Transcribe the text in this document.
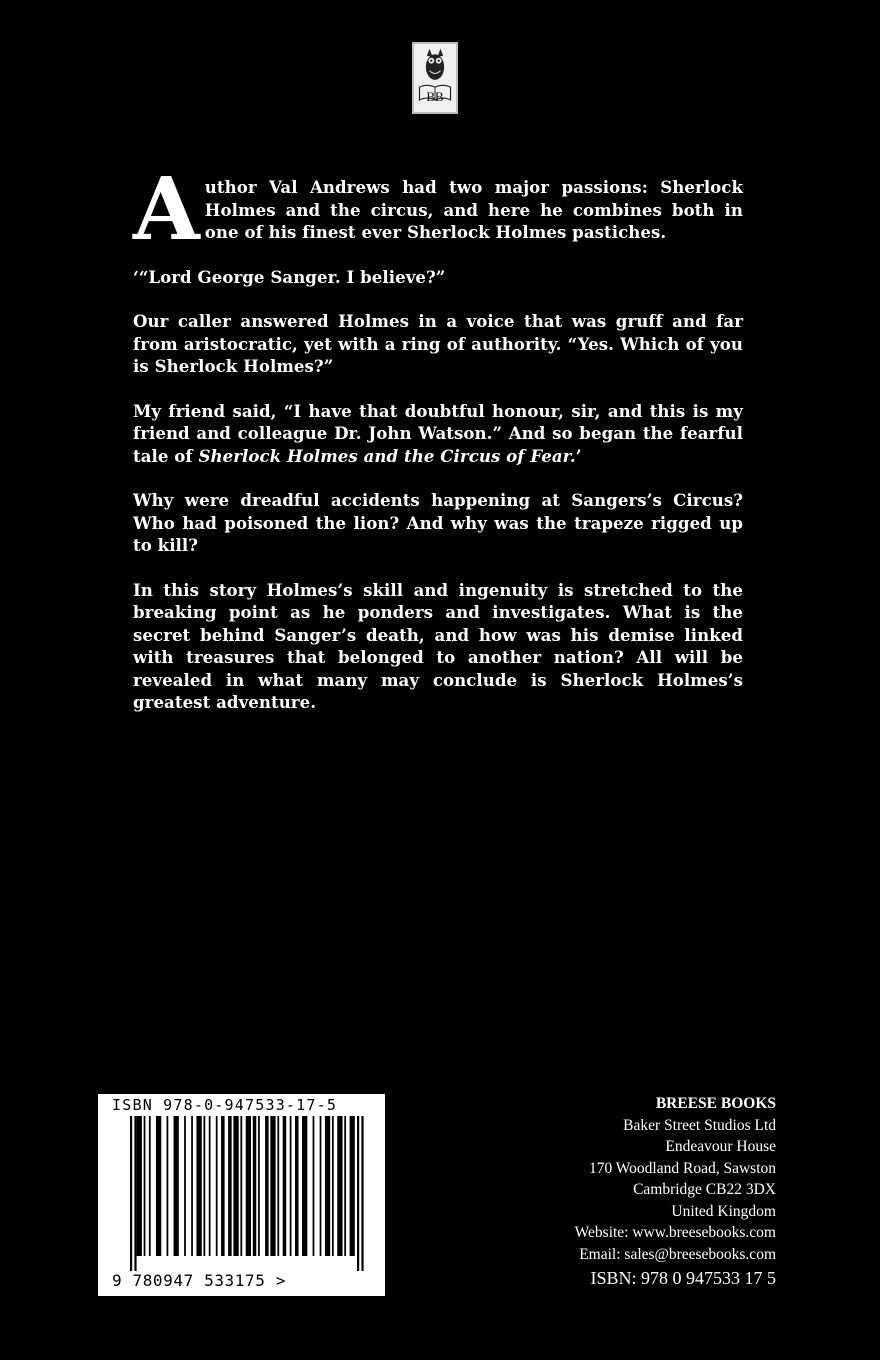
BB

Author Val Andrews had two major passions: Sherlock Holmes and the circus, and here he combines both in one of his finest ever Sherlock Holmes pastiches.

‘“Lord George Sanger. I believe?”

Our caller answered Holmes in a voice that was gruff and far from aristocratic, yet with a ring of authority. “Yes. Which of you is Sherlock Holmes?”

My friend said, “I have that doubtful honour, sir, and this is my friend and colleague Dr. John Watson.” And so began the fearful tale of Sherlock Holmes and the Circus of Fear.’

Why were dreadful accidents happening at Sangers’s Circus? Who had poisoned the lion? And why was the trapeze rigged up to kill?

In this story Holmes’s skill and ingenuity is stretched to the breaking point as he ponders and investigates. What is the secret behind Sanger’s death, and how was his demise linked with treasures that belonged to another nation? All will be revealed in what many may conclude is Sherlock Holmes’s greatest adventure.

ISBN 978-0-947533-17-5
9 780947 533175 >
BREESE BOOKS
Baker Street Studios Ltd
Endeavour House
170 Woodland Road, Sawston
Cambridge CB22 3DX
United Kingdom
Website: www.breesebooks.com
Email: sales@breesebooks.com
ISBN: 978 0 947533 17 5
